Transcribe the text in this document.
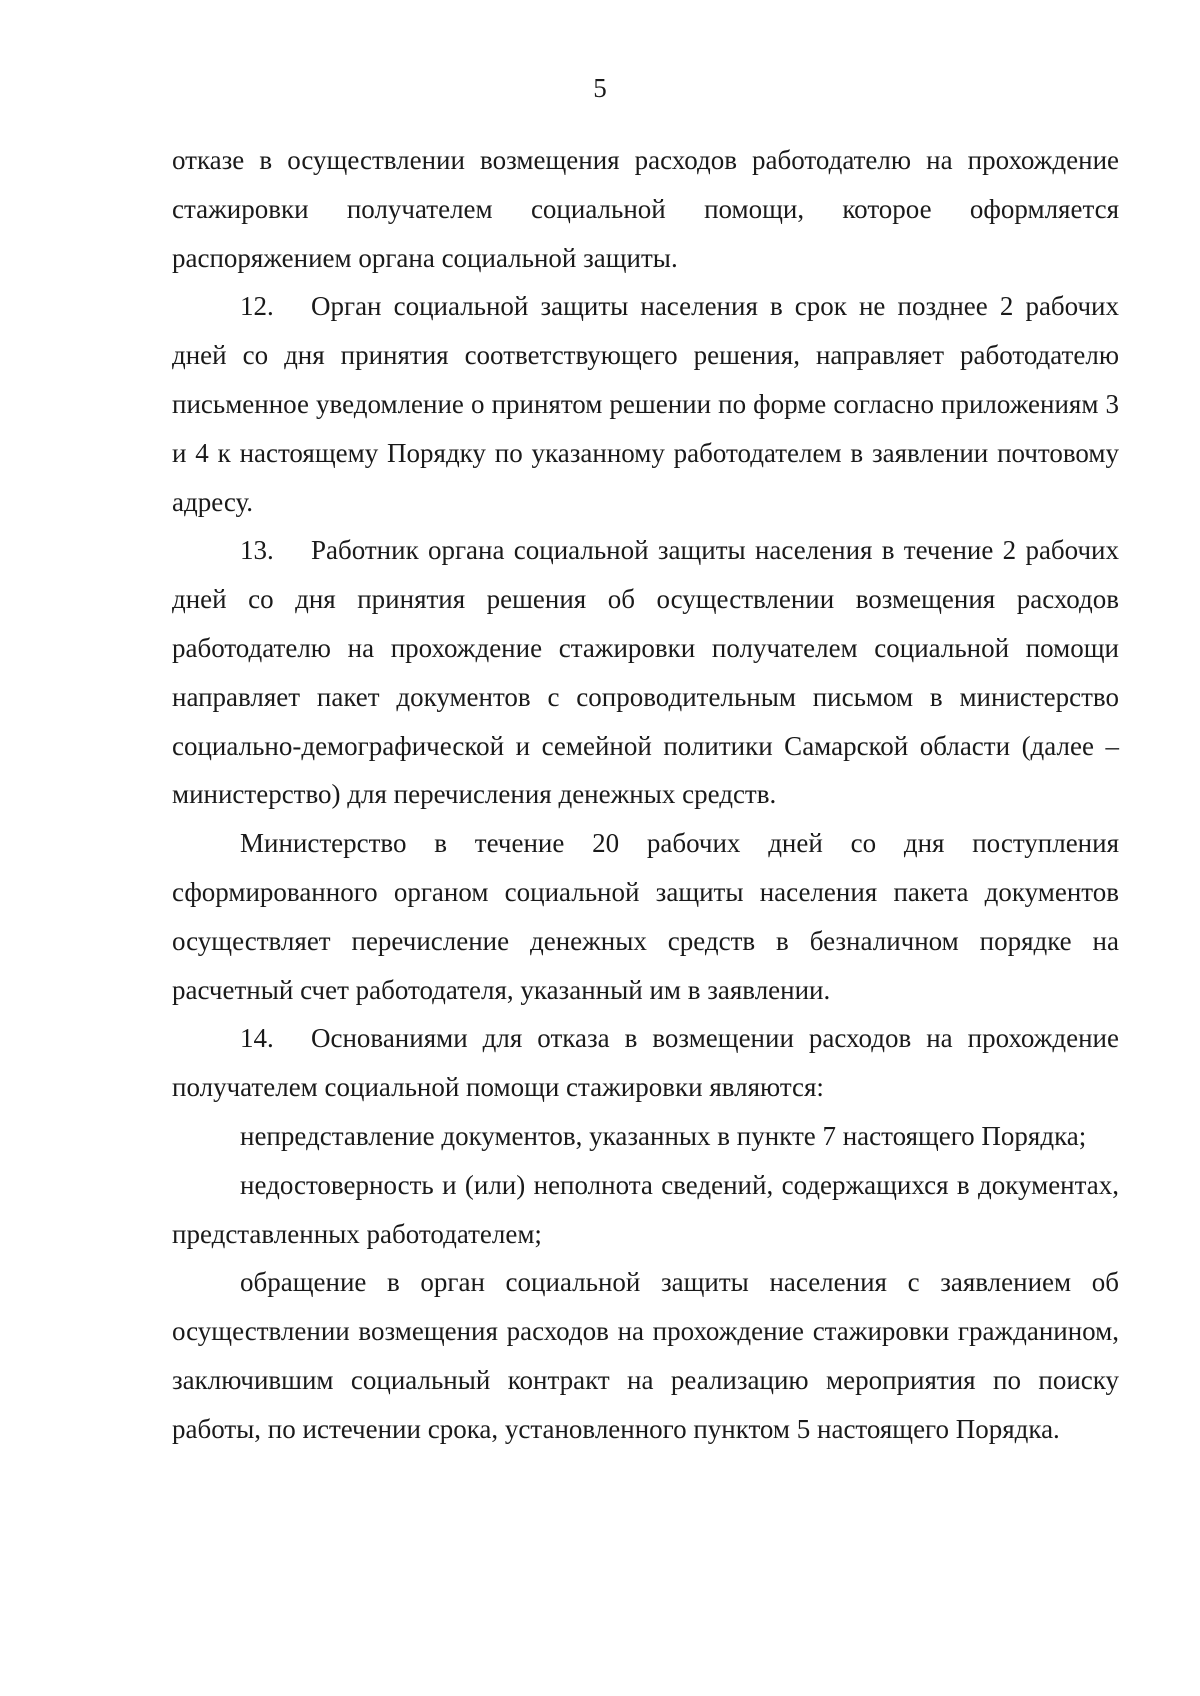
5

отказе в осуществлении возмещения расходов работодателю на прохождение стажировки получателем социальной помощи, которое оформляется распоряжением органа социальной защиты.

12. Орган социальной защиты населения в срок не позднее 2 рабочих дней со дня принятия соответствующего решения, направляет работодателю письменное уведомление о принятом решении по форме согласно приложениям 3 и 4 к настоящему Порядку по указанному работодателем в заявлении почтовому адресу.

13. Работник органа социальной защиты населения в течение 2 рабочих дней со дня принятия решения об осуществлении возмещения расходов работодателю на прохождение стажировки получателем социальной помощи направляет пакет документов с сопроводительным письмом в министерство социально-демографической и семейной политики Самарской области (далее – министерство) для перечисления денежных средств.

Министерство в течение 20 рабочих дней со дня поступления сформированного органом социальной защиты населения пакета документов осуществляет перечисление денежных средств в безналичном порядке на расчетный счет работодателя, указанный им в заявлении.

14. Основаниями для отказа в возмещении расходов на прохождение получателем социальной помощи стажировки являются:

непредставление документов, указанных в пункте 7 настоящего Порядка;

недостоверность и (или) неполнота сведений, содержащихся в документах, представленных работодателем;

обращение в орган социальной защиты населения с заявлением об осуществлении возмещения расходов на прохождение стажировки гражданином, заключившим социальный контракт на реализацию мероприятия по поиску работы, по истечении срока, установленного пунктом 5 настоящего Порядка.
